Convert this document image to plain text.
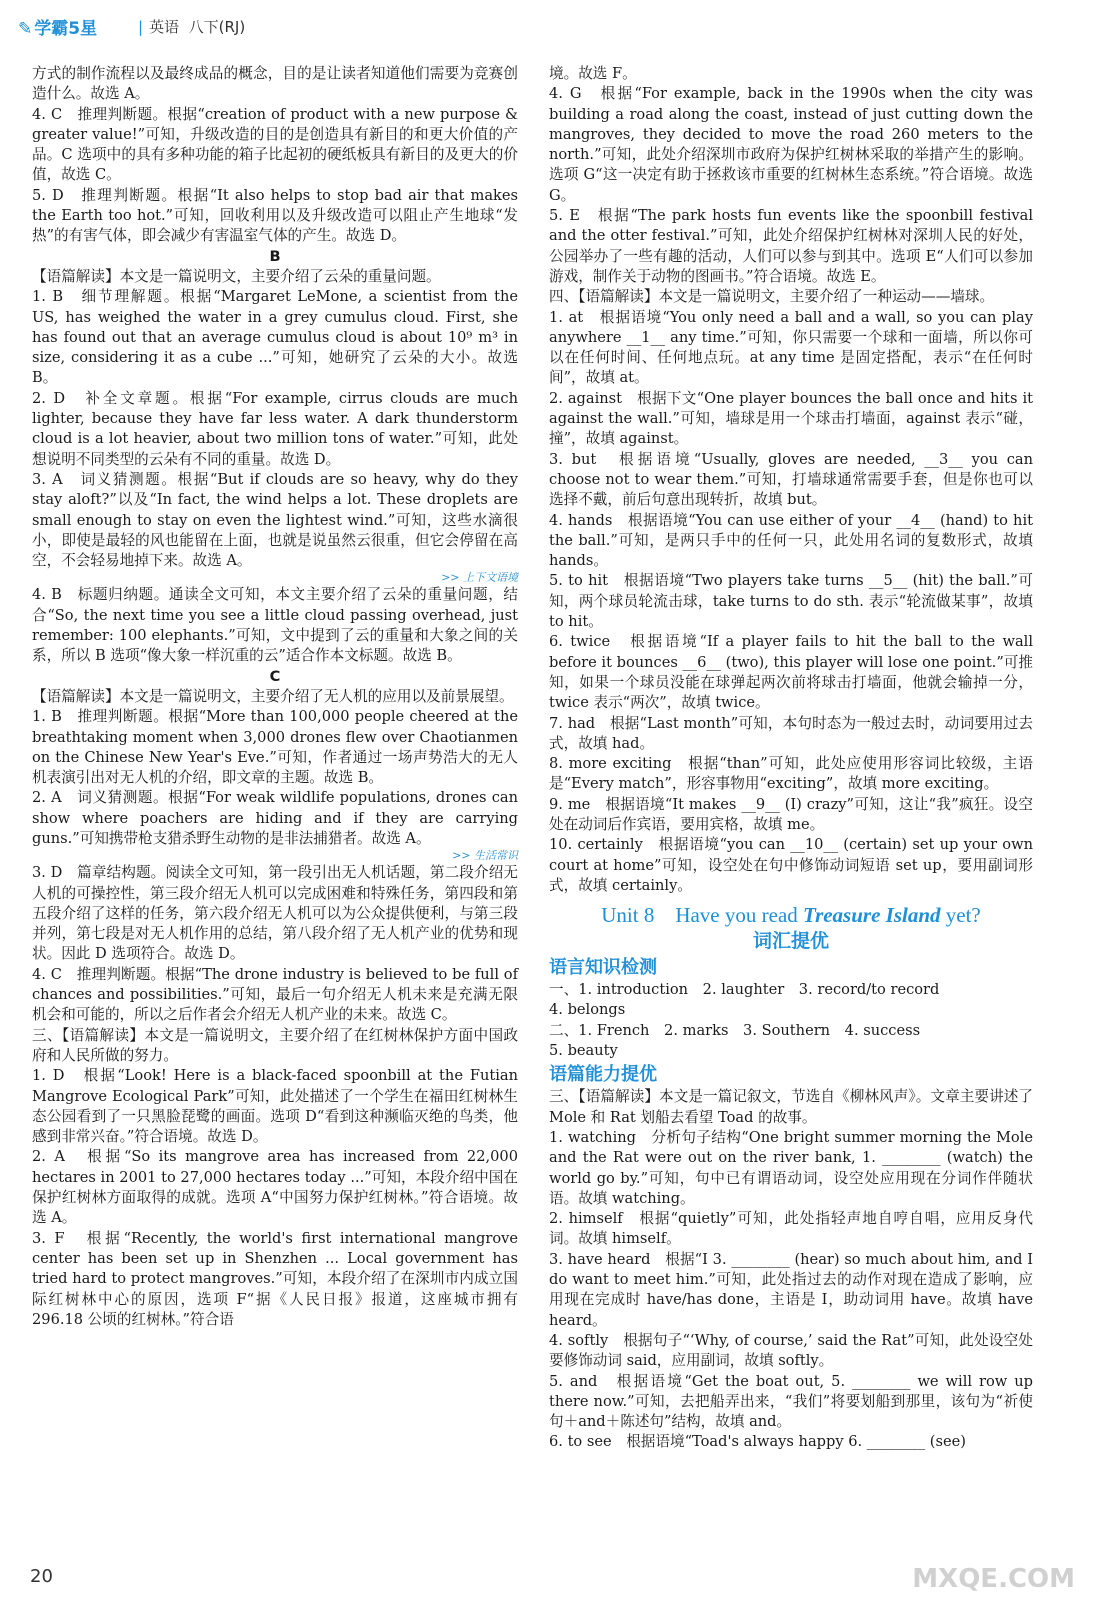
✎ 学霸5星	| 英语 八下(RJ)
方式的制作流程以及最终成品的概念，目的是让读者知道他们需要为竞赛创造什么。故选 A。
4. C　推理判断题。根据“creation of product with a new purpose & greater value!”可知，升级改造的目的是创造具有新目的和更大价值的产品。C 选项中的具有多种功能的箱子比起初的硬纸板具有新目的及更大的价值，故选 C。
5. D　推理判断题。根据“It also helps to stop bad air that makes the Earth too hot.”可知，回收利用以及升级改造可以阻止产生地球“发热”的有害气体，即会减少有害温室气体的产生。故选 D。
B
【语篇解读】本文是一篇说明文，主要介绍了云朵的重量问题。
1. B　细节理解题。根据“Margaret LeMone, a scientist from the US, has weighed the water in a grey cumulus cloud. First, she has found out that an average cumulus cloud is about 10⁹ m³ in size, considering it as a cube ...”可知，她研究了云朵的大小。故选 B。
2. D　补全文章题。根据“For example, cirrus clouds are much lighter, because they have far less water. A dark thunderstorm cloud is a lot heavier, about two million tons of water.”可知，此处想说明不同类型的云朵有不同的重量。故选 D。
3. A　词义猜测题。根据“But if clouds are so heavy, why do they stay aloft?”以及“In fact, the wind helps a lot. These droplets are small enough to stay on even the lightest wind.”可知，这些水滴很小，即使是最轻的风也能留在上面，也就是说虽然云很重，但它会停留在高空，不会轻易地掉下来。故选 A。
>> 上下文语境
4. B　标题归纳题。通读全文可知，本文主要介绍了云朵的重量问题，结合“So, the next time you see a little cloud passing overhead, just remember: 100 elephants.”可知，文中提到了云的重量和大象之间的关系，所以 B 选项“像大象一样沉重的云”适合作本文标题。故选 B。
C
【语篇解读】本文是一篇说明文，主要介绍了无人机的应用以及前景展望。
1. B　推理判断题。根据“More than 100,000 people cheered at the breathtaking moment when 3,000 drones flew over Chaotianmen on the Chinese New Year's Eve.”可知，作者通过一场声势浩大的无人机表演引出对无人机的介绍，即文章的主题。故选 B。
2. A　词义猜测题。根据“For weak wildlife populations, drones can show where poachers are hiding and if they are carrying guns.”可知携带枪支猎杀野生动物的是非法捕猎者。故选 A。
>> 生活常识
3. D　篇章结构题。阅读全文可知，第一段引出无人机话题，第二段介绍无人机的可操控性，第三段介绍无人机可以完成困难和特殊任务，第四段和第五段介绍了这样的任务，第六段介绍无人机可以为公众提供便利，与第三段并列，第七段是对无人机作用的总结，第八段介绍了无人机产业的优势和现状。因此 D 选项符合。故选 D。
4. C　推理判断题。根据“The drone industry is believed to be full of chances and possibilities.”可知，最后一句介绍无人机未来是充满无限机会和可能的，所以之后作者会介绍无人机产业的未来。故选 C。
三、【语篇解读】本文是一篇说明文，主要介绍了在红树林保护方面中国政府和人民所做的努力。
1. D　根据“Look! Here is a black-faced spoonbill at the Futian Mangrove Ecological Park”可知，此处描述了一个学生在福田红树林生态公园看到了一只黑脸琵鹭的画面。选项 D“看到这种濒临灭绝的鸟类，他感到非常兴奋。”符合语境。故选 D。
2. A　根据“So its mangrove area has increased from 22,000 hectares in 2001 to 27,000 hectares today ...”可知，本段介绍中国在保护红树林方面取得的成就。选项 A“中国努力保护红树林。”符合语境。故选 A。
3. F　根据“Recently, the world's first international mangrove center has been set up in Shenzhen ... Local government has tried hard to protect mangroves.”可知，本段介绍了在深圳市内成立国际红树林中心的原因，选项 F“据《人民日报》报道，这座城市拥有 296.18 公顷的红树林。”符合语
境。故选 F。
4. G　根据“For example, back in the 1990s when the city was building a road along the coast, instead of just cutting down the mangroves, they decided to move the road 260 meters to the north.”可知，此处介绍深圳市政府为保护红树林采取的举措产生的影响。选项 G“这一决定有助于拯救该市重要的红树林生态系统。”符合语境。故选 G。
5. E　根据“The park hosts fun events like the spoonbill festival and the otter festival.”可知，此处介绍保护红树林对深圳人民的好处，公园举办了一些有趣的活动，人们可以参与到其中。选项 E“人们可以参加游戏，制作关于动物的图画书。”符合语境。故选 E。
四、【语篇解读】本文是一篇说明文，主要介绍了一种运动——墙球。
1. at　根据语境“You only need a ball and a wall, so you can play anywhere __1__ any time.”可知，你只需要一个球和一面墙，所以你可以在任何时间、任何地点玩。at any time 是固定搭配，表示“在任何时间”，故填 at。
2. against　根据下文“One player bounces the ball once and hits it against the wall.”可知，墙球是用一个球击打墙面，against 表示“碰，撞”，故填 against。
3. but　根据语境“Usually, gloves are needed, __3__ you can choose not to wear them.”可知，打墙球通常需要手套，但是你也可以选择不戴，前后句意出现转折，故填 but。
4. hands　根据语境“You can use either of your __4__ (hand) to hit the ball.”可知，是两只手中的任何一只，此处用名词的复数形式，故填 hands。
5. to hit　根据语境“Two players take turns __5__ (hit) the ball.”可知，两个球员轮流击球，take turns to do sth. 表示“轮流做某事”，故填 to hit。
6. twice　根据语境“If a player fails to hit the ball to the wall before it bounces __6__ (two), this player will lose one point.”可推知，如果一个球员没能在球弹起两次前将球击打墙面，他就会输掉一分，twice 表示“两次”，故填 twice。
7. had　根据“Last month”可知，本句时态为一般过去时，动词要用过去式，故填 had。
8. more exciting　根据“than”可知，此处应使用形容词比较级，主语是“Every match”，形容事物用“exciting”，故填 more exciting。
9. me　根据语境“It makes __9__ (I) crazy”可知，这让“我”疯狂。设空处在动词后作宾语，要用宾格，故填 me。
10. certainly　根据语境“you can __10__ (certain) set up your own court at home”可知，设空处在句中修饰动词短语 set up，要用副词形式，故填 certainly。
Unit 8　Have you read Treasure Island yet?
词汇提优
语言知识检测
一、1. introduction　2. laughter　3. record/to record
4. belongs
二、1. French　2. marks　3. Southern　4. success
5. beauty
语篇能力提优
三、【语篇解读】本文是一篇记叙文，节选自《柳林风声》。文章主要讲述了 Mole 和 Rat 划船去看望 Toad 的故事。
1. watching　分析句子结构“One bright summer morning the Mole and the Rat were out on the river bank, 1. ________ (watch) the world go by.”可知，句中已有谓语动词，设空处应用现在分词作伴随状语。故填 watching。
2. himself　根据“quietly”可知，此处指轻声地自哼自唱，应用反身代词。故填 himself。
3. have heard　根据“I 3. ________ (hear) so much about him, and I do want to meet him.”可知，此处指过去的动作对现在造成了影响，应用现在完成时 have/has done，主语是 I，助动词用 have。故填 have heard。
4. softly　根据句子“‘Why, of course,’ said the Rat”可知，此处设空处要修饰动词 said，应用副词，故填 softly。
5. and　根据语境“Get the boat out, 5. ________ we will row up there now.”可知，去把船弄出来，“我们”将要划船到那里，该句为“祈使句＋and＋陈述句”结构，故填 and。
6. to see　根据语境“Toad's always happy 6. ________ (see)
20	MXQE.COM
